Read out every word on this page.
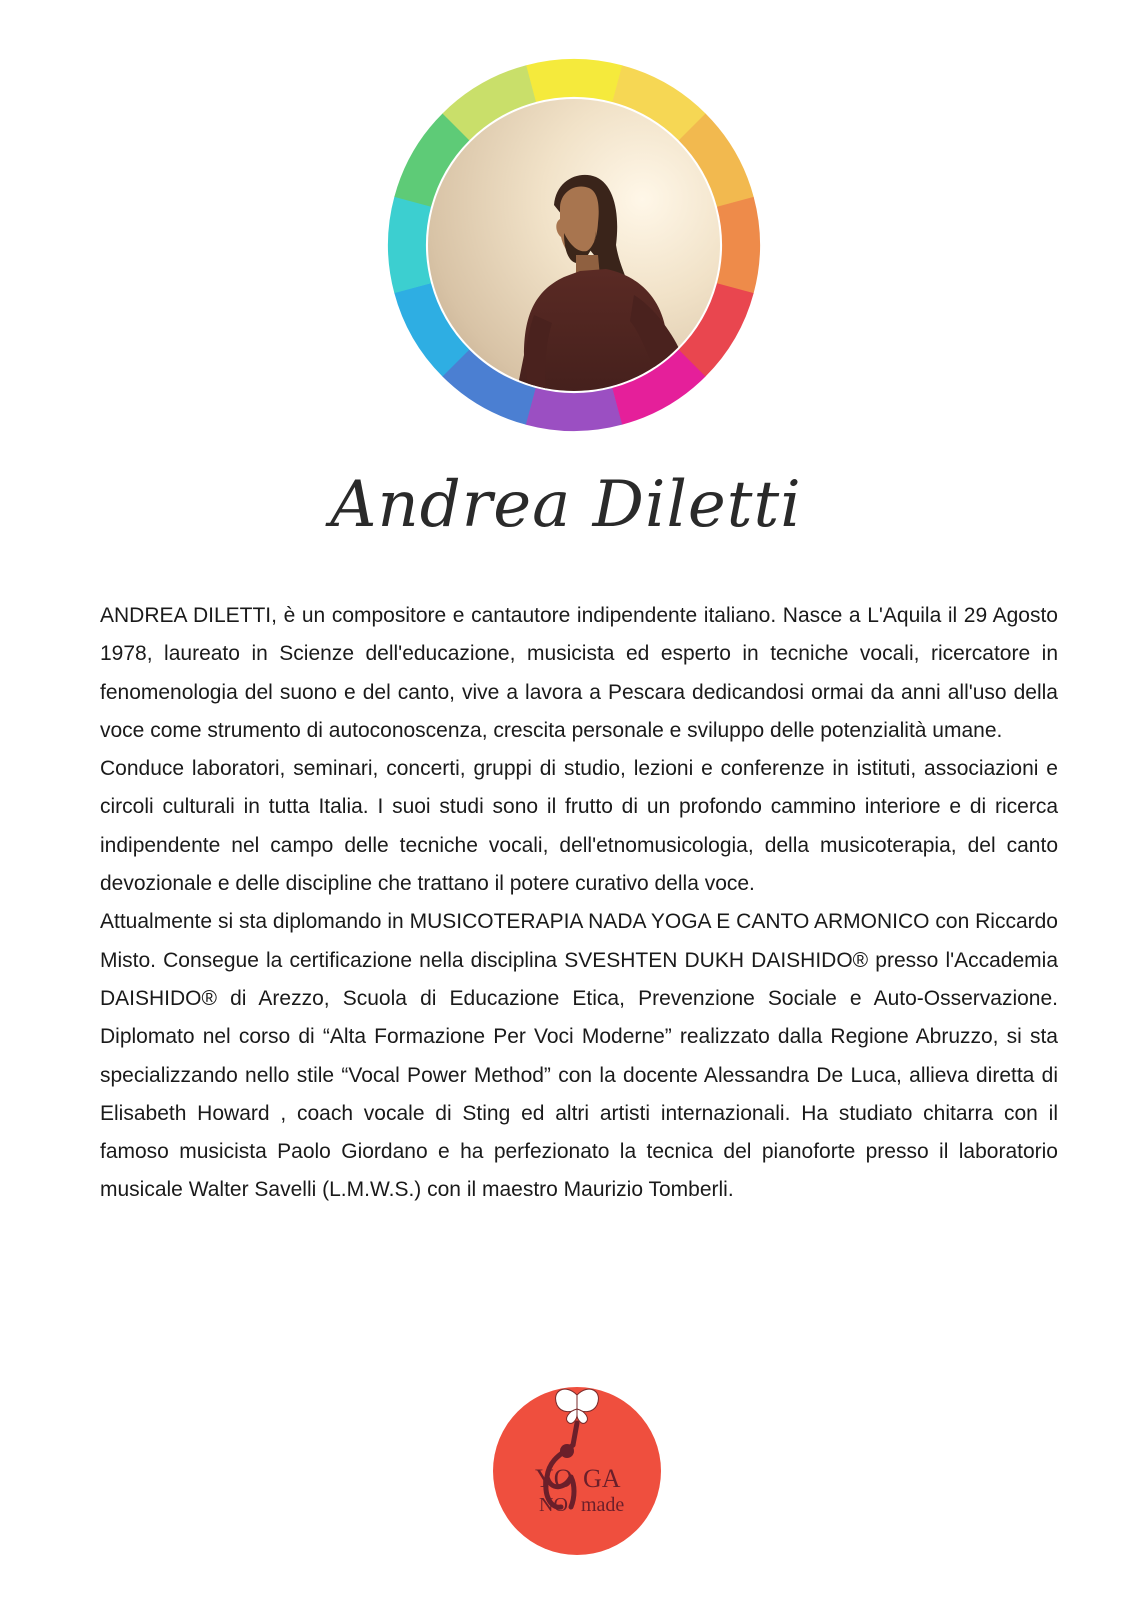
Andrea Diletti

ANDREA DILETTI, è un compositore e cantautore indipendente italiano. Nasce a L'Aquila il 29 Agosto 1978, laureato in Scienze dell'educazione, musicista ed esperto in tecniche vocali, ricercatore in fenomenologia del suono e del canto, vive a lavora a Pescara dedicandosi ormai da anni all'uso della voce come strumento di autoconoscenza, crescita personale e sviluppo delle potenzialità umane.

Conduce laboratori, seminari, concerti, gruppi di studio, lezioni e conferenze in istituti, associazioni e circoli culturali in tutta Italia. I suoi studi sono il frutto di un profondo cammino interiore e di ricerca indipendente nel campo delle tecniche vocali, dell'etnomusicologia, della musicoterapia, del canto devozionale e delle discipline che trattano il potere curativo della voce.

Attualmente si sta diplomando in MUSICOTERAPIA NADA YOGA E CANTO ARMONICO con Riccardo Misto. Consegue la certificazione nella disciplina SVESHTEN DUKH DAISHIDO® presso l'Accademia DAISHIDO® di Arezzo, Scuola di Educazione Etica, Prevenzione Sociale e Auto-Osservazione. Diplomato nel corso di “Alta Formazione Per Voci Moderne” realizzato dalla Regione Abruzzo, si sta specializzando nello stile “Vocal Power Method” con la docente Alessandra De Luca, allieva diretta di Elisabeth Howard , coach vocale di Sting ed altri artisti internazionali. Ha studiato chitarra con il famoso musicista Paolo Giordano e ha perfezionato la tecnica del pianoforte presso il laboratorio musicale Walter Savelli (L.M.W.S.) con il maestro Maurizio Tomberli.

YO GA
NO made
